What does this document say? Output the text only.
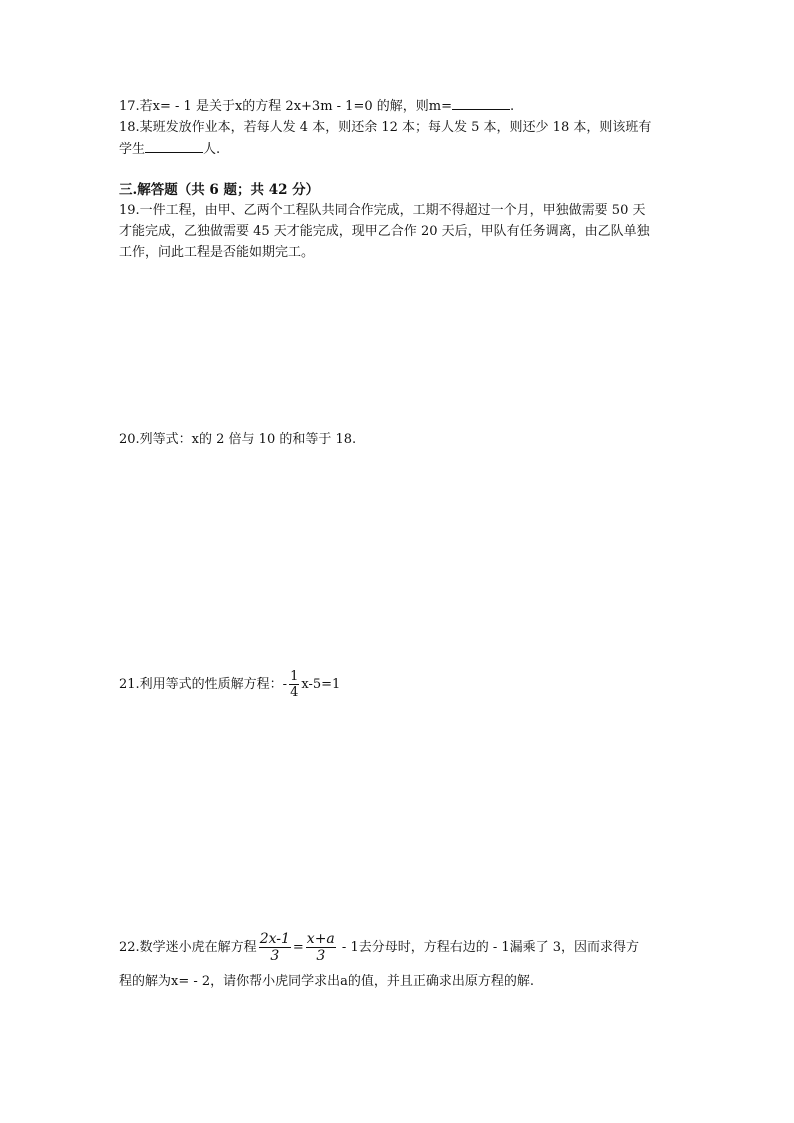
17.若x= - 1 是关于x的方程 2x+3m - 1=0 的解，则m=	.
18.某班发放作业本，若每人发 4 本，则还余 12 本；每人发 5 本，则还少 18 本，则该班有
学生	人.
三.解答题（共 6 题；共 42 分）
19.一件工程，由甲、乙两个工程队共同合作完成，工期不得超过一个月，甲独做需要 50 天
才能完成，乙独做需要 45 天才能完成，现甲乙合作 20 天后，甲队有任务调离，由乙队单独
工作，问此工程是否能如期完工。
20.列等式：x的 2 倍与 10 的和等于 18.
21.利用等式的性质解方程：- $\frac{1}{4} x-5=1$
22.数学迷小虎在解方程 $\frac{2x-1}{3} = \frac{x+a}{3} - 1$去分母时，方程右边的 - 1漏乘了 3，因而求得方
程的解为x= - 2，请你帮小虎同学求出a的值，并且正确求出原方程的解.
